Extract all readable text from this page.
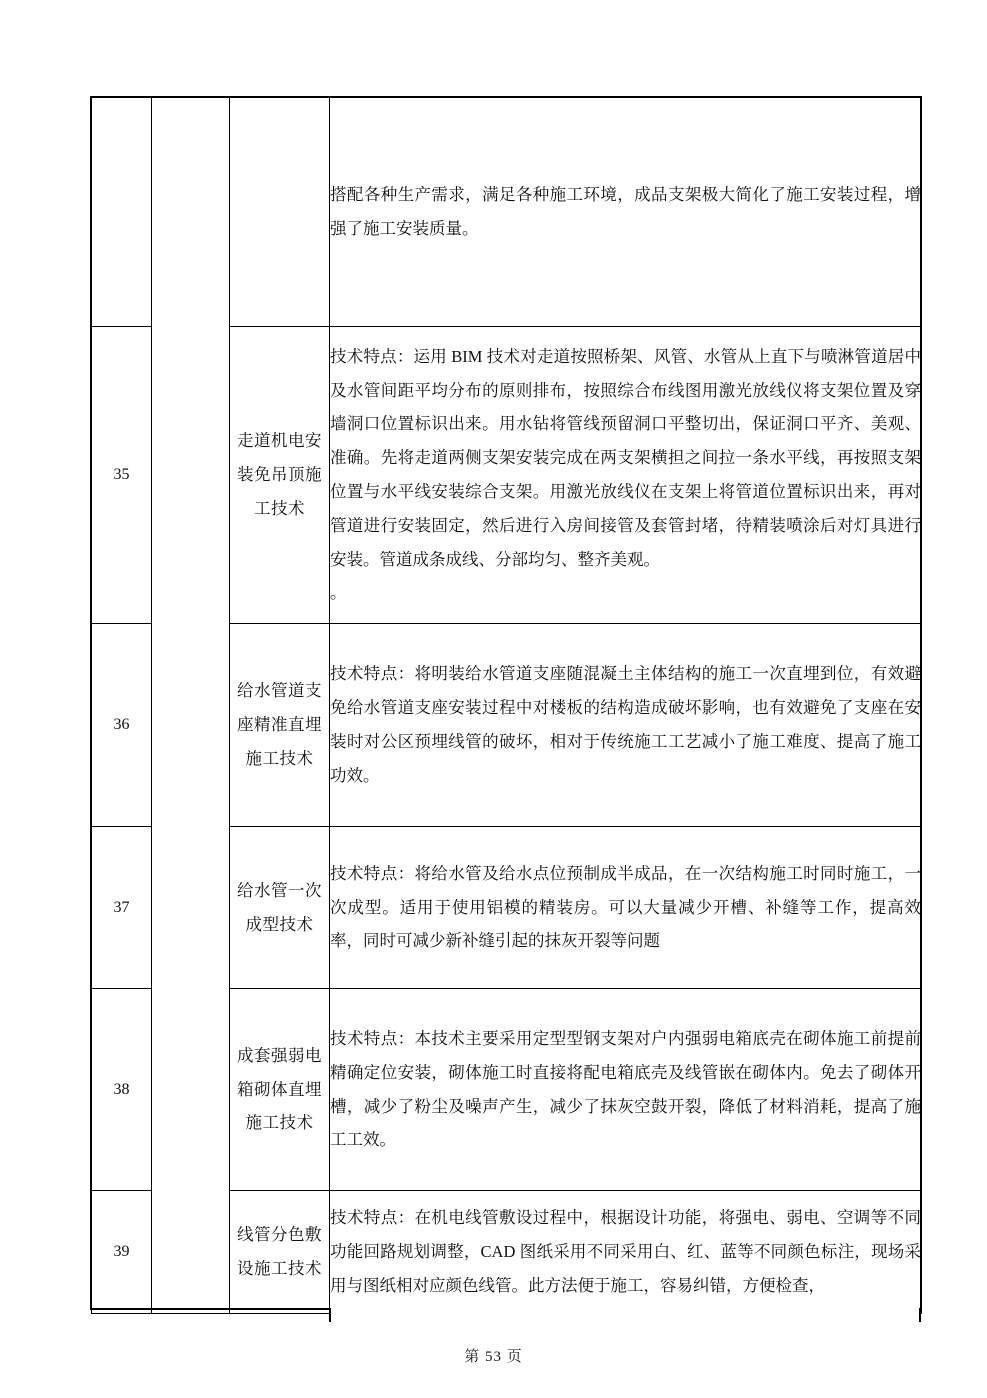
			搭配各种生产需求，满足各种施工环境，成品支架极大简化了施工安装过程，增强了施工安装质量。

35		走道机电安装免吊顶施工技术	技术特点：运用 BIM 技术对走道按照桥架、风管、水管从上直下与喷淋管道居中及水管间距平均分布的原则排布，按照综合布线图用激光放线仪将支架位置及穿墙洞口位置标识出来。用水钻将管线预留洞口平整切出，保证洞口平齐、美观、准确。先将走道两侧支架安装完成在两支架横担之间拉一条水平线，再按照支架位置与水平线安装综合支架。用激光放线仪在支架上将管道位置标识出来，再对管道进行安装固定，然后进行入房间接管及套管封堵，待精装喷涂后对灯具进行安装。管道成条成线、分部均匀、整齐美观。

。

36		给水管道支座精准直埋施工技术	技术特点：将明装给水管道支座随混凝土主体结构的施工一次直埋到位，有效避免给水管道支座安装过程中对楼板的结构造成破坏影响，也有效避免了支座在安装时对公区预埋线管的破坏，相对于传统施工工艺减小了施工难度、提高了施工功效。

37		给水管一次成型技术	技术特点：将给水管及给水点位预制成半成品，在一次结构施工时同时施工，一次成型。适用于使用铝模的精装房。可以大量减少开槽、补缝等工作，提高效率，同时可减少新补缝引起的抹灰开裂等问题

38		成套强弱电箱砌体直埋施工技术	技术特点：本技术主要采用定型型钢支架对户内强弱电箱底壳在砌体施工前提前精确定位安装，砌体施工时直接将配电箱底壳及线管嵌在砌体内。免去了砌体开槽，减少了粉尘及噪声产生，减少了抹灰空鼓开裂，降低了材料消耗，提高了施工工效。

39		线管分色敷设施工技术	技术特点：在机电线管敷设过程中，根据设计功能，将强电、弱电、空调等不同功能回路规划调整，CAD 图纸采用不同采用白、红、蓝等不同颜色标注，现场采用与图纸相对应颜色线管。此方法便于施工，容易纠错，方便检查，

第 53 页
